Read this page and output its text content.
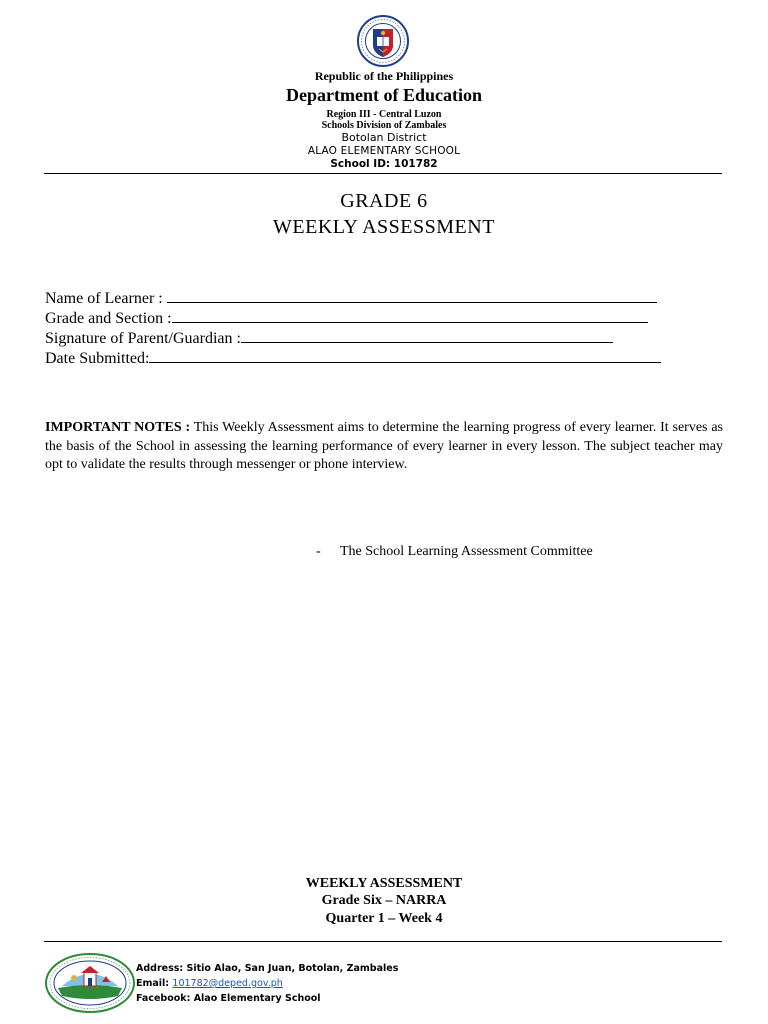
Republic of the Philippines
Department of Education
Region III - Central Luzon
Schools Division of Zambales
Botolan District
ALAO ELEMENTARY SCHOOL
School ID: 101782
GRADE 6
WEEKLY ASSESSMENT
Name of Learner :
Grade and Section :
Signature of Parent/Guardian :
Date Submitted:
IMPORTANT NOTES : This Weekly Assessment aims to determine the learning progress of every learner. It serves as the basis of the School in assessing the learning performance of every learner in every lesson. The subject teacher may opt to validate the results through messenger or phone interview.
- The School Learning Assessment Committee
WEEKLY ASSESSMENT
Grade Six – NARRA
Quarter 1 – Week 4
Address: Sitio Alao, San Juan, Botolan, Zambales
Email: 101782@deped.gov.ph
Facebook: Alao Elementary School
